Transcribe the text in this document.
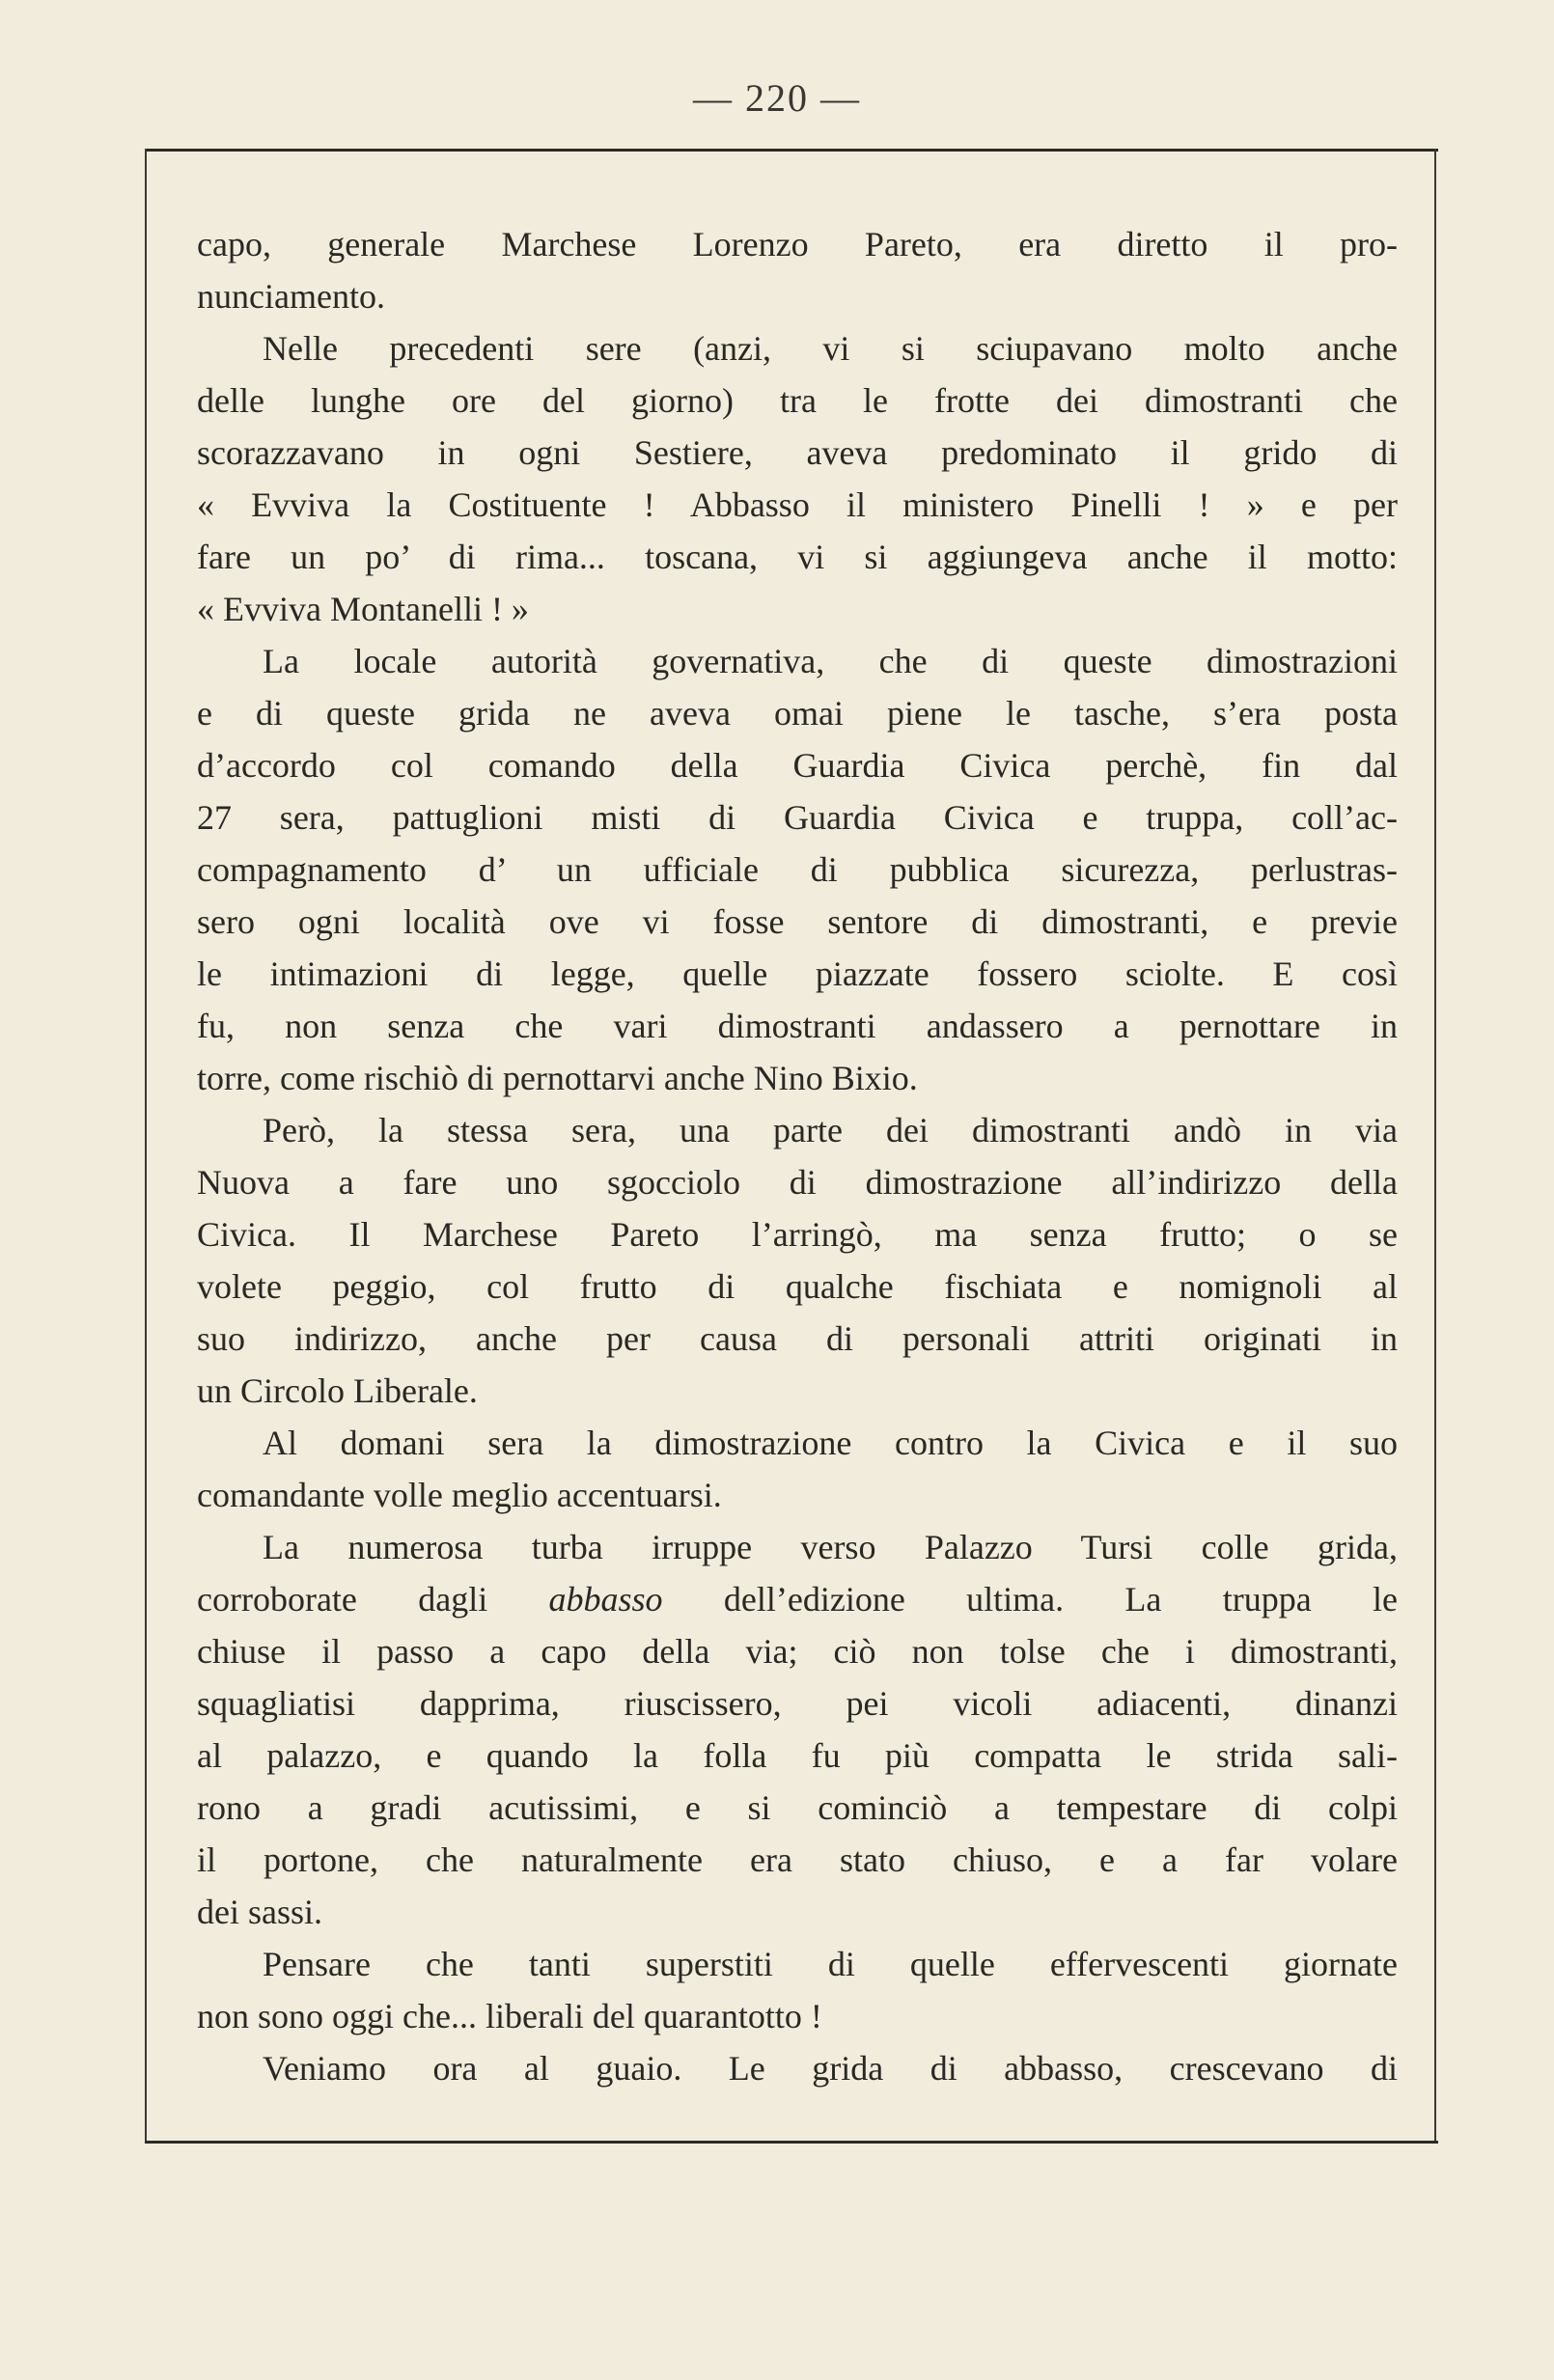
— 220 —
capo, generale Marchese Lorenzo Pareto, era diretto il pro-
nunciamento.
Nelle precedenti sere (anzi, vi si sciupavano molto anche
delle lunghe ore del giorno) tra le frotte dei dimostranti che
scorazzavano in ogni Sestiere, aveva predominato il grido di
« Evviva la Costituente ! Abbasso il ministero Pinelli ! » e per
fare un po’ di rima... toscana, vi si aggiungeva anche il motto:
« Evviva Montanelli ! »
La locale autorità governativa, che di queste dimostrazioni
e di queste grida ne aveva omai piene le tasche, s’era posta
d’accordo col comando della Guardia Civica perchè, fin dal
27 sera, pattuglioni misti di Guardia Civica e truppa, coll’ac-
compagnamento d’ un ufficiale di pubblica sicurezza, perlustras-
sero ogni località ove vi fosse sentore di dimostranti, e previe
le intimazioni di legge, quelle piazzate fossero sciolte. E così
fu, non senza che vari dimostranti andassero a pernottare in
torre, come rischiò di pernottarvi anche Nino Bixio.
Però, la stessa sera, una parte dei dimostranti andò in via
Nuova a fare uno sgocciolo di dimostrazione all’indirizzo della
Civica. Il Marchese Pareto l’arringò, ma senza frutto; o se
volete peggio, col frutto di qualche fischiata e nomignoli al
suo indirizzo, anche per causa di personali attriti originati in
un Circolo Liberale.
Al domani sera la dimostrazione contro la Civica e il suo
comandante volle meglio accentuarsi.
La numerosa turba irruppe verso Palazzo Tursi colle grida,
corroborate dagli abbasso dell’edizione ultima. La truppa le
chiuse il passo a capo della via; ciò non tolse che i dimostranti,
squagliatisi dapprima, riuscissero, pei vicoli adiacenti, dinanzi
al palazzo, e quando la folla fu più compatta le strida sali-
rono a gradi acutissimi, e si cominciò a tempestare di colpi
il portone, che naturalmente era stato chiuso, e a far volare
dei sassi.
Pensare che tanti superstiti di quelle effervescenti giornate
non sono oggi che... liberali del quarantotto !
Veniamo ora al guaio. Le grida di abbasso, crescevano di
